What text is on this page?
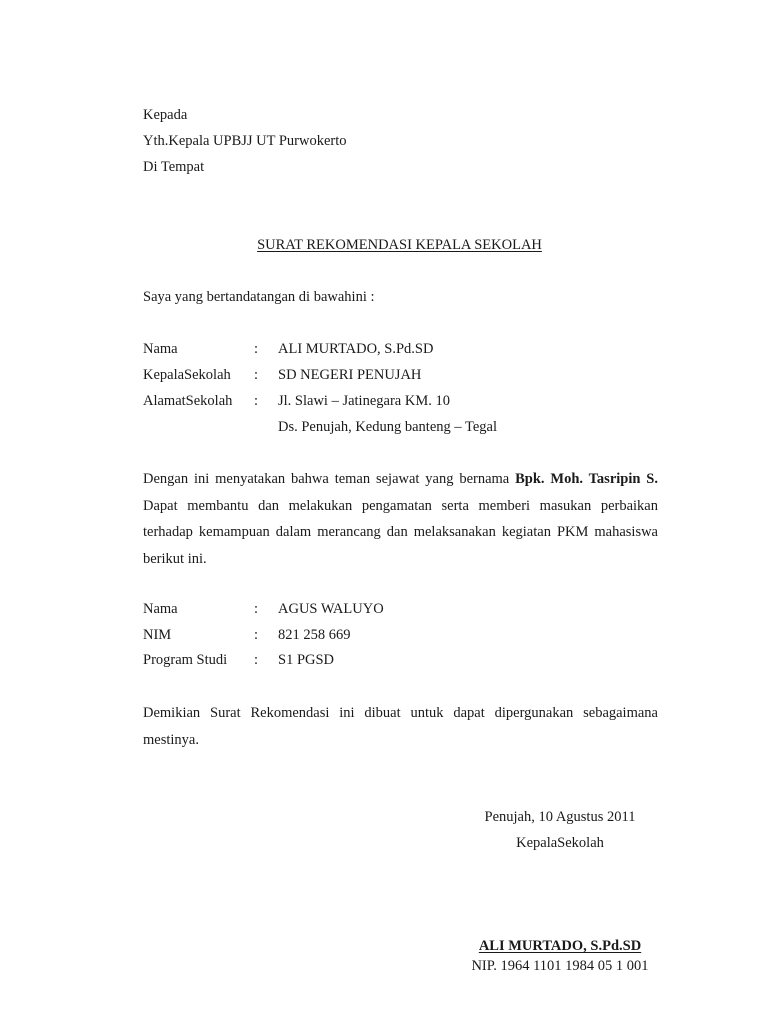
Kepada
Yth.Kepala UPBJJ UT Purwokerto
Di Tempat
SURAT REKOMENDASI KEPALA SEKOLAH
Saya yang bertandatangan di bawahini :
Nama	: ALI MURTADO, S.Pd.SD
KepalaSekolah : SD NEGERI PENUJAH
AlamatSekolah : Jl. Slawi – Jatinegara KM. 10
Ds. Penujah, Kedung banteng – Tegal
Dengan ini menyatakan bahwa teman sejawat yang bernama Bpk. Moh. Tasripin S.
Dapat membantu dan melakukan pengamatan serta memberi masukan perbaikan
terhadap kemampuan dalam merancang dan melaksanakan kegiatan PKM mahasiswa
berikut ini.
Nama	: AGUS WALUYO
NIM	: 821 258 669
Program Studi : S1 PGSD
Demikian Surat Rekomendasi ini dibuat untuk dapat dipergunakan sebagaimana
mestinya.
Penujah, 10 Agustus 2011
KepalaSekolah
ALI MURTADO, S.Pd.SD
NIP. 1964 1101 1984 05 1 001
